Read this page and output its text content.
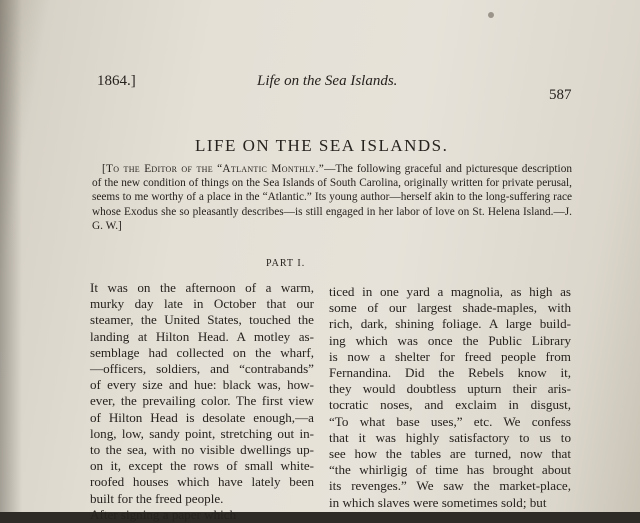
1864.]	Life on the Sea Islands.
587
LIFE ON THE SEA ISLANDS.

[To the Editor of the “Atlantic Monthly.”—The following graceful and picturesque description of the new condition of things on the Sea Islands of South Carolina, originally written for private perusal, seems to me worthy of a place in the “Atlantic.” Its young author—herself akin to the long-suffering race whose Exodus she so pleasantly describes—is still engaged in her labor of love on St. Helena Island.—J. G. W.]

PART I.
It was on the afternoon of a warm,
murky day late in October that our
steamer, the United States, touched the
landing at Hilton Head. A motley as-
semblage had collected on the wharf,
—officers, soldiers, and “contrabands”
of every size and hue: black was, how-
ever, the prevailing color. The first view
of Hilton Head is desolate enough,—a
long, low, sandy point, stretching out in-
to the sea, with no visible dwellings up-
on it, except the rows of small white-
roofed houses which have lately been
built for the freed people.
After signing a paper which
ticed in one yard a magnolia, as high as
some of our largest shade-maples, with
rich, dark, shining foliage. A large build-
ing which was once the Public Library
is now a shelter for freed people from
Fernandina. Did the Rebels know it,
they would doubtless upturn their aris-
tocratic noses, and exclaim in disgust,
“To what base uses,” etc. We confess
that it was highly satisfactory to us to
see how the tables are turned, now that
“the whirligig of time has brought about
its revenges.” We saw the market-place,
in which slaves were sometimes sold; but
